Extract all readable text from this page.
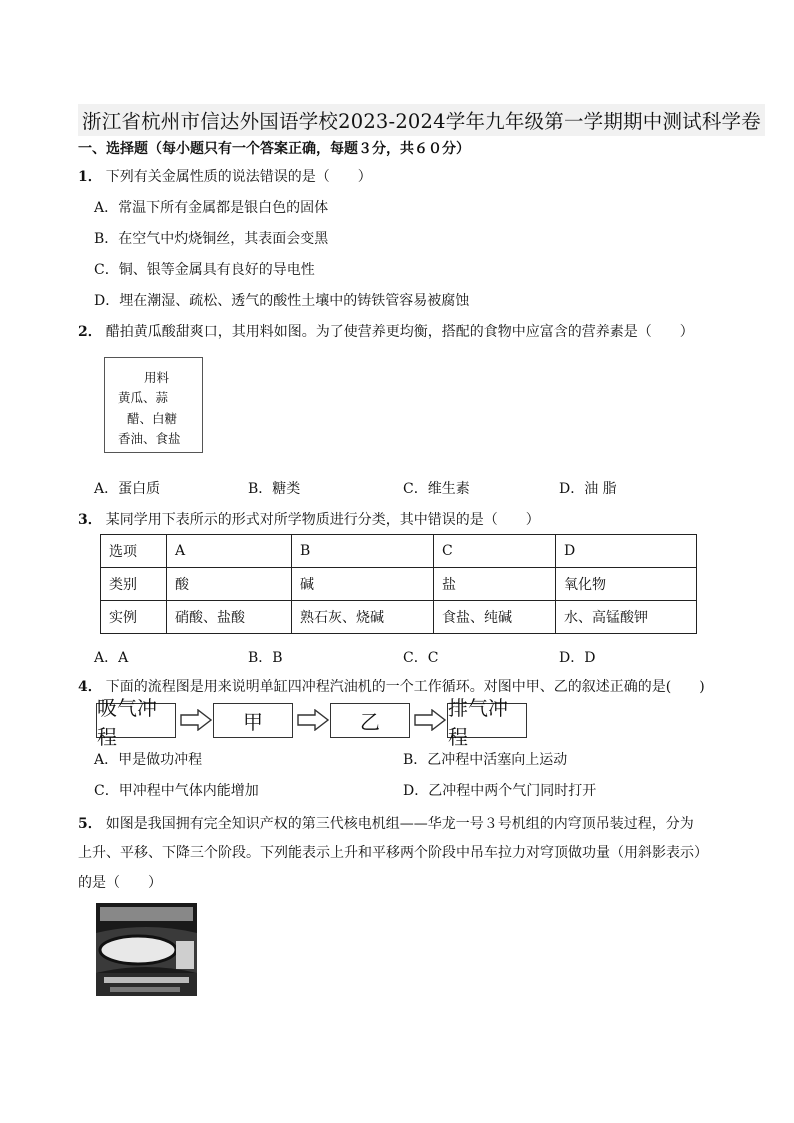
浙江省杭州市信达外国语学校2023-2024学年九年级第一学期期中测试科学卷
一、选择题（每小题只有一个答案正确，每题３分，共６０分）
1． 下列有关金属性质的说法错误的是（　　）
A．常温下所有金属都是银白色的固体
B．在空气中灼烧铜丝，其表面会变黑
C．铜、银等金属具有良好的导电性
D．埋在潮湿、疏松、透气的酸性土壤中的铸铁管容易被腐蚀
2． 醋拍黄瓜酸甜爽口，其用料如图。为了使营养更均衡，搭配的食物中应富含的营养素是（　　）
用料
黄瓜、蒜
醋、白糖
香油、食盐
A．蛋白质	B．糖类	C．维生素	D．油 脂
3． 某同学用下表所示的形式对所学物质进行分类，其中错误的是（　　）
选项	A	B	C	D
类别	酸	碱	盐	氧化物
实例	硝酸、盐酸	熟石灰、烧碱	食盐、纯碱	水、高锰酸钾
A．A	B．B	C．C	D．D
4． 下面的流程图是用来说明单缸四冲程汽油机的一个工作循环。对图中甲、乙的叙述正确的是(　　)
吸气冲程
甲	乙
排气冲程
A．甲是做功冲程	B．乙冲程中活塞向上运动
C．甲冲程中气体内能增加	D．乙冲程中两个气门同时打开
5． 如图是我国拥有完全知识产权的第三代核电机组——华龙一号３号机组的内穹顶吊装过程，分为
上升、平移、下降三个阶段。下列能表示上升和平移两个阶段中吊车拉力对穹顶做功量（用斜影表示）
的是（　　）
